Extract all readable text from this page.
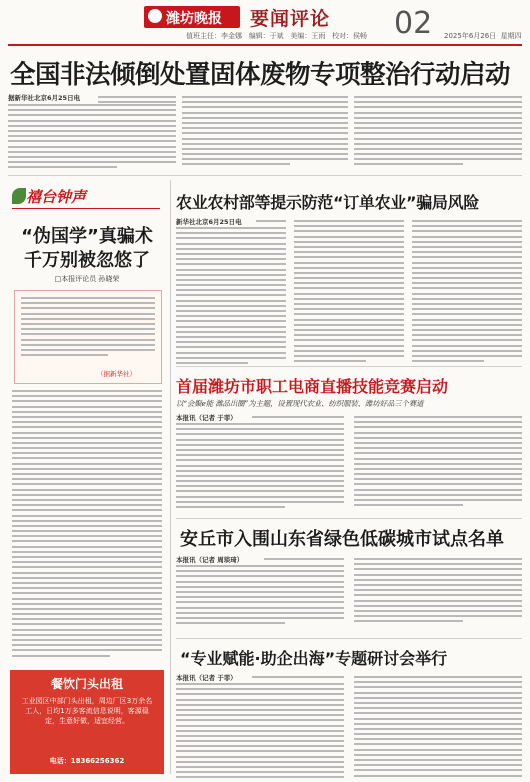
潍坊晚报 要闻评论 02
值班主任：李金娜 编辑：于斌 美编：王雨 校对：侯畅	2025年6月26日 星期四
全国非法倾倒处置固体废物专项整治行动启动
据新华社北京6月25日电
禧台钟声
“伪国学”真骗术
千万别被忽悠了
□本报评论员 孙晓荣
（据新华社）
餐饮门头出租
工业园区中部门头出租，周边厂区3万余名工人，日均1万多客流信息说明，客源稳定，生意好做，适宜经营。
电话：18366256362
农业农村部等提示防范“订单农业”骗局风险
新华社北京6月25日电
首届潍坊市职工电商直播技能竞赛启动
以“会聚e能 潍品出圈”为主题，设置现代农业、纺织服装、潍坊好品三个赛道
本报讯（记者 于菲）
安丘市入围山东省绿色低碳城市试点名单
本报讯（记者 周琰琦）
“专业赋能·助企出海”专题研讨会举行
本报讯（记者 于菲）
